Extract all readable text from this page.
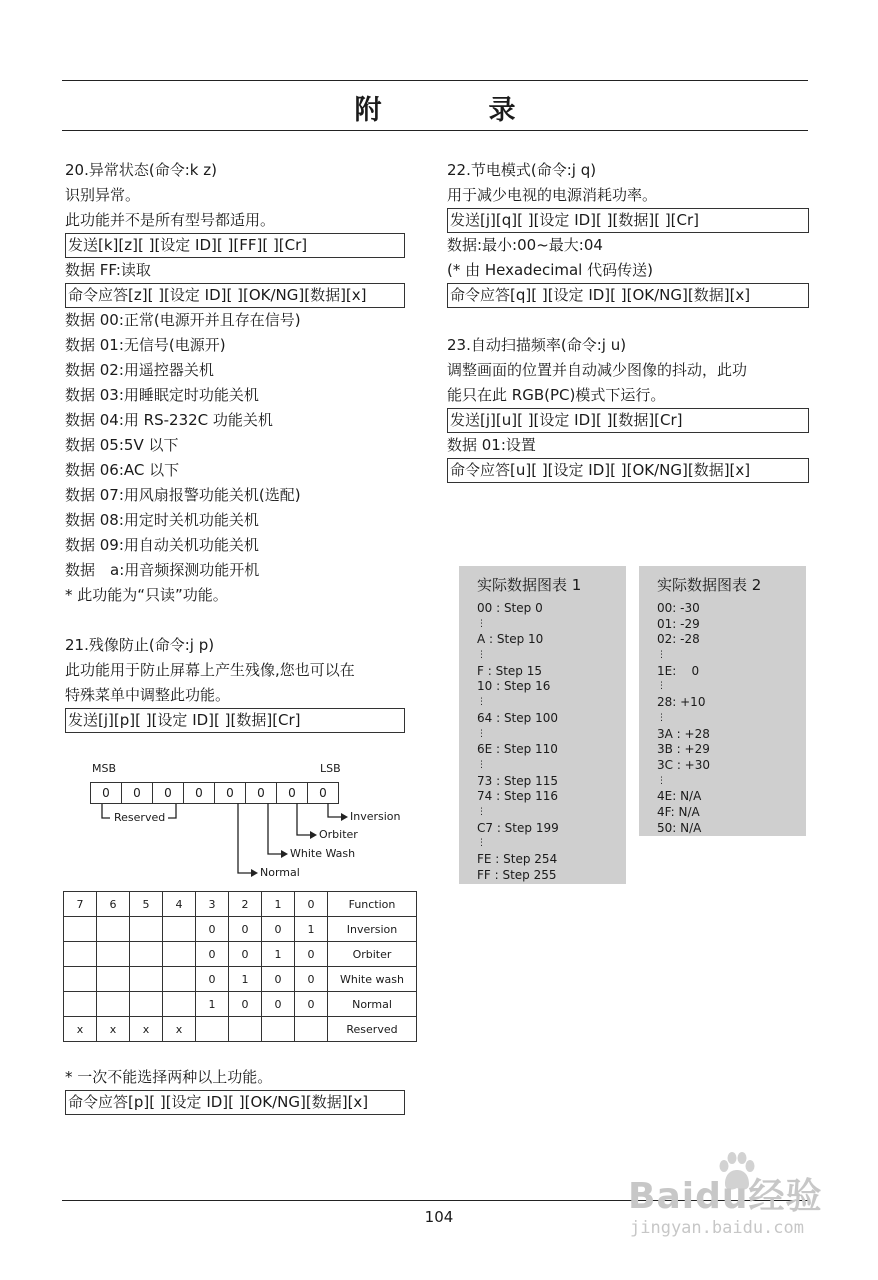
附　录
20.异常状态(命令:k z)
识别异常。
此功能并不是所有型号都适用。
发送[k][z][ ][设定 ID][ ][FF][ ][Cr]
数据 FF:读取
命令应答[z][ ][设定 ID][ ][OK/NG][数据][x]
数据 00:正常(电源开并且存在信号)
数据 01:无信号(电源开)
数据 02:用遥控器关机
数据 03:用睡眠定时功能关机
数据 04:用 RS-232C 功能关机
数据 05:5V 以下
数据 06:AC 以下
数据 07:用风扇报警功能关机(选配)
数据 08:用定时关机功能关机
数据 09:用自动关机功能关机
数据　a:用音频探测功能开机
* 此功能为“只读”功能。
21.残像防止(命令:j p)
此功能用于防止屏幕上产生残像,您也可以在
特殊菜单中调整此功能。
发送[j][p][ ][设定 ID][ ][数据][Cr]
MSB	LSB
0	0	0	0	0	0	0	0
Reserved	Inversion
Orbiter
White Wash
Normal
7	6	5	4	3	2	1	0	Function
				0	0	0	1	Inversion
				0	0	1	0	Orbiter
				0	1	0	0	White wash
				1	0	0	0	Normal
x	x	x	x					Reserved
* 一次不能选择两种以上功能。
命令应答[p][ ][设定 ID][ ][OK/NG][数据][x]
22.节电模式(命令:j q)
用于减少电视的电源消耗功率。
发送[j][q][ ][设定 ID][ ][数据][ ][Cr]
数据:最小:00~最大:04
(* 由 Hexadecimal 代码传送)
命令应答[q][ ][设定 ID][ ][OK/NG][数据][x]
23.自动扫描频率(命令:j u)
调整画面的位置并自动减少图像的抖动，此功
能只在此 RGB(PC)模式下运行。
发送[j][u][ ][设定 ID][ ][数据][Cr]
数据 01:设置
命令应答[u][ ][设定 ID][ ][OK/NG][数据][x]
实际数据图表 1
00 : Step 0
⋮
A : Step 10
⋮
F : Step 15
10 : Step 16
⋮
64 : Step 100
⋮
6E : Step 110
⋮
73 : Step 115
74 : Step 116
⋮
C7 : Step 199
⋮
FE : Step 254
FF : Step 255
实际数据图表 2
00: -30
01: -29
02: -28
⋮
1E:    0
⋮
28: +10
⋮
3A : +28
3B : +29
3C : +30
⋮
4E: N/A
4F: N/A
50: N/A
104	Baidu经验
jingyan.baidu.com
